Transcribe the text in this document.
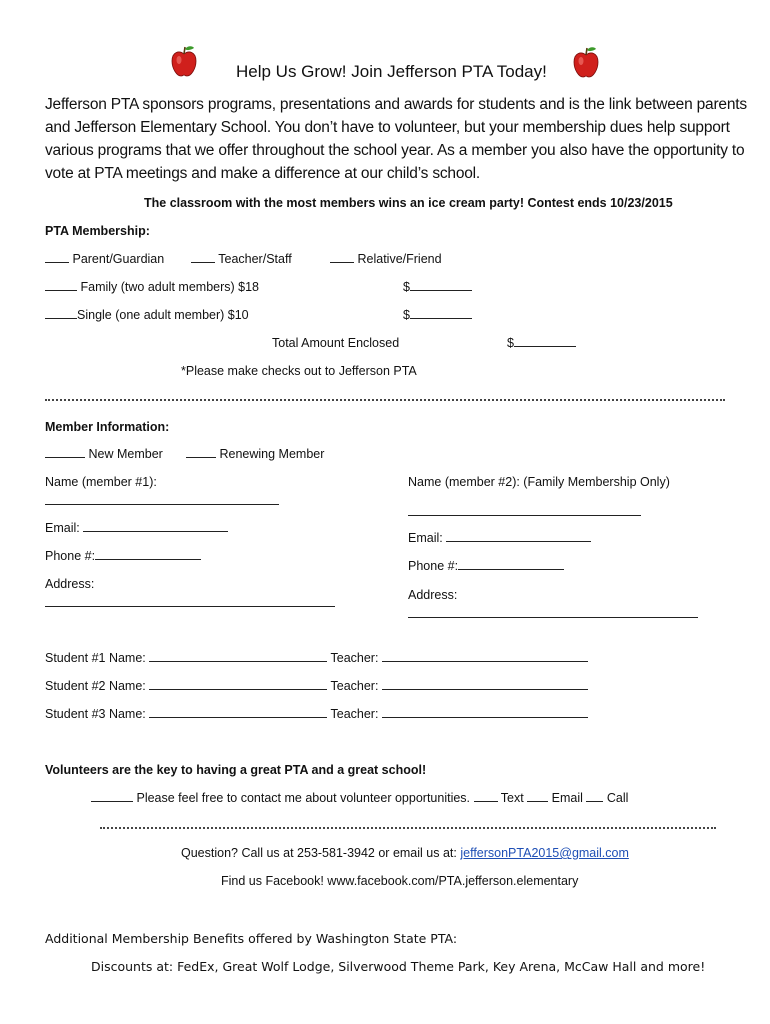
Help Us Grow! Join Jefferson PTA Today!

Jefferson PTA sponsors programs, presentations and awards for students and is the link between parents

and Jefferson Elementary School. You don’t have to volunteer, but your membership dues help support

various programs that we offer throughout the school year. As a member you also have the opportunity to

vote at PTA meetings and make a difference at our child’s school.

The classroom with the most members wins an ice cream party! Contest ends 10/23/2015
PTA Membership:
Parent/Guardian	Teacher/Staff	Relative/Friend
Family (two adult members) $18	$
Single (one adult member) $10	$
Total Amount Enclosed	$
*Please make checks out to Jefferson PTA
Member Information:
New Member	Renewing Member
Name (member #1):
Email:
Phone #:
Address:
Name (member #2): (Family Membership Only)
Email:
Phone #:
Address:
Student #1 Name:	Teacher:
Student #2 Name:	Teacher:
Student #3 Name:	Teacher:
Volunteers are the key to having a great PTA and a great school!
Please feel free to contact me about volunteer opportunities. Text Email Call
Question? Call us at 253-581-3942 or email us at: jeffersonPTA2015@gmail.com
Find us Facebook! www.facebook.com/PTA.jefferson.elementary
Additional Membership Benefits offered by Washington State PTA:
Discounts at: FedEx, Great Wolf Lodge, Silverwood Theme Park, Key Arena, McCaw Hall and more!
